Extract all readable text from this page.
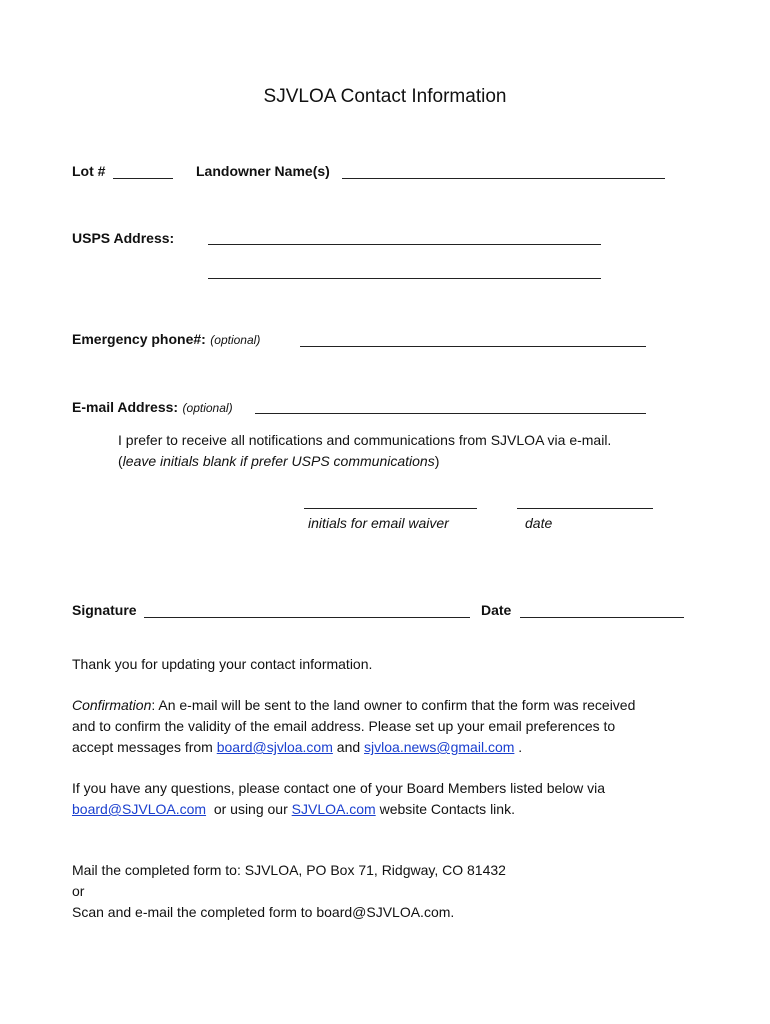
SJVLOA Contact Information
Lot #	Landowner Name(s)
USPS Address:
Emergency phone#: (optional)
E-mail Address: (optional)
I prefer to receive all notifications and communications from SJVLOA via e-mail.
(leave initials blank if prefer USPS communications)
initials for email waiver	date
Signature	Date
Thank you for updating your contact information.
Confirmation: An e-mail will be sent to the land owner to confirm that the form was received
and to confirm the validity of the email address. Please set up your email preferences to
accept messages from board@sjvloa.com and sjvloa.news@gmail.com .
If you have any questions, please contact one of your Board Members listed below via
board@SJVLOA.com  or using our SJVLOA.com website Contacts link.
Mail the completed form to: SJVLOA, PO Box 71, Ridgway, CO 81432
or
Scan and e-mail the completed form to board@SJVLOA.com.
